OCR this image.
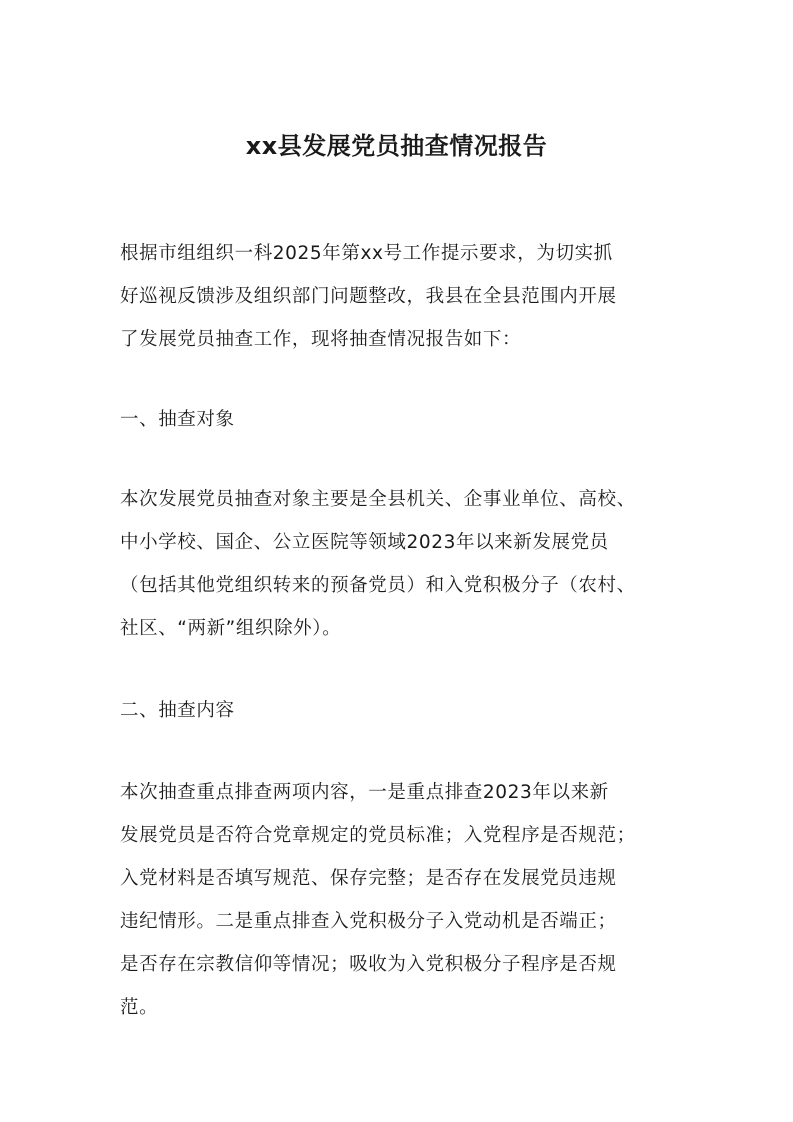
xx县发展党员抽查情况报告

根据市组组织一科2025年第xx号工作提示要求，为切实抓

好巡视反馈涉及组织部门问题整改，我县在全县范围内开展

了发展党员抽查工作，现将抽查情况报告如下：

一、抽查对象

本次发展党员抽查对象主要是全县机关、企事业单位、高校、

中小学校、国企、公立医院等领域2023年以来新发展党员

（包括其他党组织转来的预备党员）和入党积极分子（农村、

社区、“两新”组织除外）。

二、抽查内容

本次抽查重点排查两项内容，一是重点排查2023年以来新

发展党员是否符合党章规定的党员标准；入党程序是否规范；

入党材料是否填写规范、保存完整；是否存在发展党员违规

违纪情形。二是重点排查入党积极分子入党动机是否端正；

是否存在宗教信仰等情况；吸收为入党积极分子程序是否规

范。
